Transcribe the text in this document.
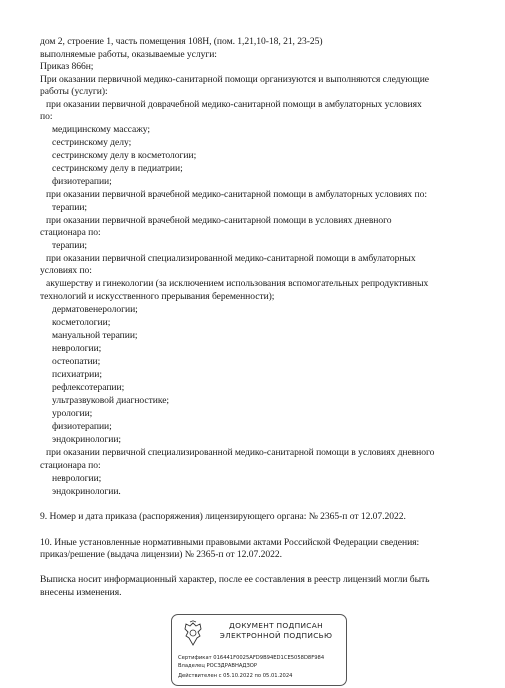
дом 2, строение 1, часть помещения 108Н, (пом. 1,21,10-18, 21, 23-25)
выполняемые работы, оказываемые услуги:
Приказ 866н;
При оказании первичной медико-санитарной помощи организуются и выполняются следующие
работы (услуги):
при оказании первичной доврачебной медико-санитарной помощи в амбулаторных условиях
по:
медицинскому массажу;
сестринскому делу;
сестринскому делу в косметологии;
сестринскому делу в педиатрии;
физиотерапии;
при оказании первичной врачебной медико-санитарной помощи в амбулаторных условиях по:
терапии;
при оказании первичной врачебной медико-санитарной помощи в условиях дневного
стационара по:
терапии;
при оказании первичной специализированной медико-санитарной помощи в амбулаторных
условиях по:
акушерству и гинекологии (за исключением использования вспомогательных репродуктивных
технологий и искусственного прерывания беременности);
дерматовенерологии;
косметологии;
мануальной терапии;
неврологии;
остеопатии;
психиатрии;
рефлексотерапии;
ультразвуковой диагностике;
урологии;
физиотерапии;
эндокринологии;
при оказании первичной специализированной медико-санитарной помощи в условиях дневного
стационара по:
неврологии;
эндокринологии.
9. Номер и дата приказа (распоряжения) лицензирующего органа: № 2365-п от 12.07.2022.
10. Иные установленные нормативными правовыми актами Российской Федерации сведения:
приказ/решение (выдача лицензии) № 2365-п от 12.07.2022.
Выписка носит информационный характер, после ее составления в реестр лицензий могли быть
внесены изменения.
ДОКУМЕНТ ПОДПИСАН
ЭЛЕКТРОННОЙ ПОДПИСЬЮ
Сертификат 016441F0025AFD9B94ED1CE5058D8F984
Владелец РОСЗДРАВНАДЗОР
Действителен с 05.10.2022 по 05.01.2024
